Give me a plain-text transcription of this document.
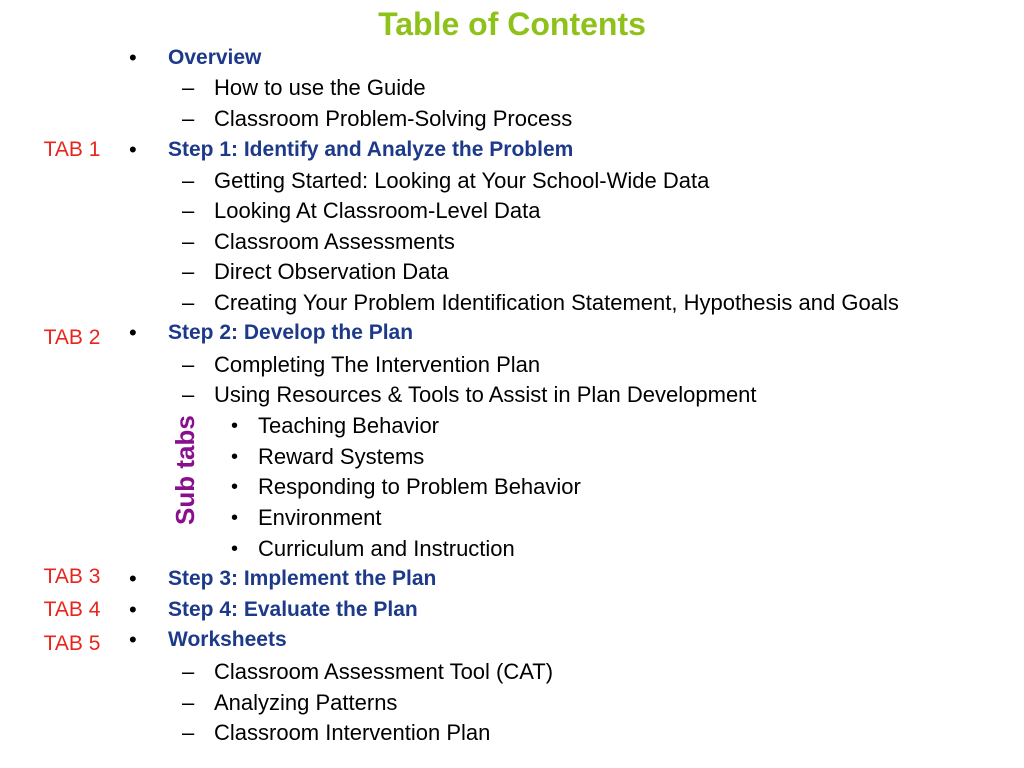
Table of Contents
TAB 1
TAB 2
TAB 3
TAB 4
TAB 5
Sub tabs
• Overview
– How to use the Guide
– Classroom Problem-Solving Process
• Step 1: Identify and Analyze the Problem
– Getting Started: Looking at Your School-Wide Data
– Looking At Classroom-Level Data
– Classroom Assessments
– Direct Observation Data
– Creating Your Problem Identification Statement, Hypothesis and Goals
• Step 2: Develop the Plan
– Completing The Intervention Plan
– Using Resources & Tools to Assist in Plan Development
• Teaching Behavior
• Reward Systems
• Responding to Problem Behavior
• Environment
• Curriculum and Instruction
• Step 3: Implement the Plan
• Step 4: Evaluate the Plan
• Worksheets
– Classroom Assessment Tool (CAT)
– Analyzing Patterns
– Classroom Intervention Plan
